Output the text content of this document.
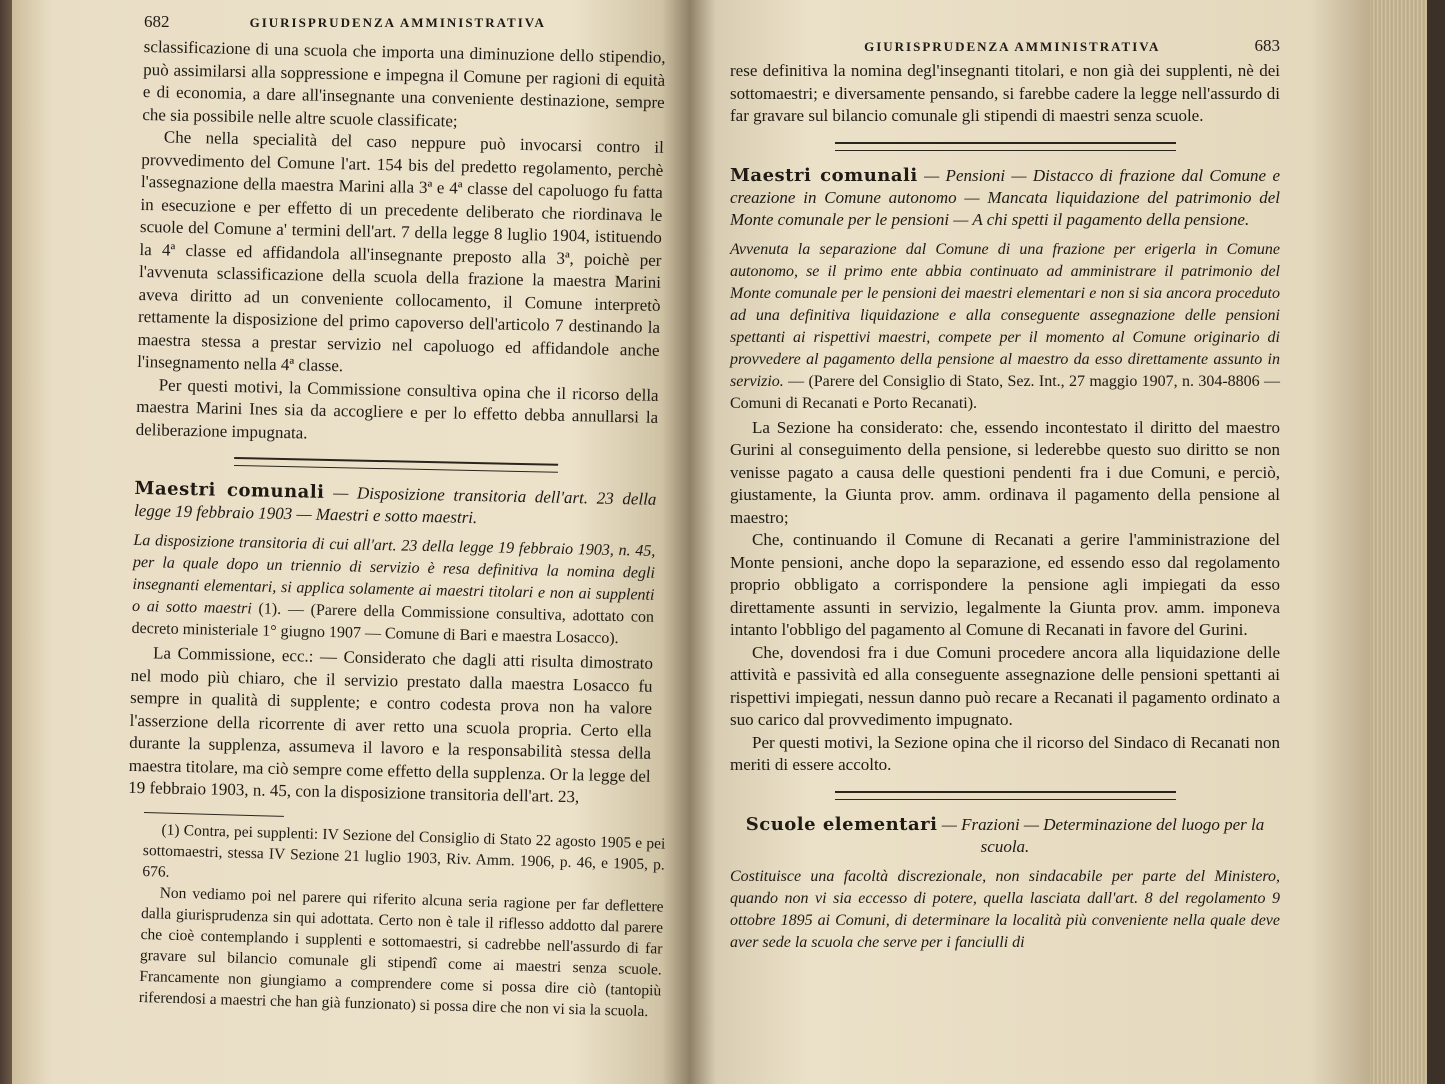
682	GIURISPRUDENZA AMMINISTRATIVA

sclassificazione di una scuola che importa una diminuzione dello stipendio, può assimilarsi alla soppressione e impegna il Comune per ragioni di equità e di economia, a dare all'insegnante una conveniente destinazione, sempre che sia possibile nelle altre scuole classificate;

Che nella specialità del caso neppure può invocarsi contro il provvedimento del Comune l'art. 154 bis del predetto regolamento, perchè l'assegnazione della maestra Marini alla 3ª e 4ª classe del capoluogo fu fatta in esecuzione e per effetto di un precedente deliberato che riordinava le scuole del Comune a' termini dell'art. 7 della legge 8 luglio 1904, istituendo la 4ª classe ed affidandola all'insegnante preposto alla 3ª, poichè per l'avvenuta sclassificazione della scuola della frazione la maestra Marini aveva diritto ad un conveniente collocamento, il Comune interpretò rettamente la disposizione del primo capoverso dell'articolo 7 destinando la maestra stessa a prestar servizio nel capoluogo ed affidandole anche l'insegnamento nella 4ª classe.

Per questi motivi, la Commissione consultiva opina che il ricorso della maestra Marini Ines sia da accogliere e per lo effetto debba annullarsi la deliberazione impugnata.

Maestri comunali — Disposizione transitoria dell'art. 23 della legge 19 febbraio 1903 — Maestri e sotto maestri.
La disposizione transitoria di cui all'art. 23 della legge 19 febbraio 1903, n. 45, per la quale dopo un triennio di servizio è resa definitiva la nomina degli insegnanti elementari, si applica solamente ai maestri titolari e non ai supplenti o ai sotto maestri (1). — (Parere della Commissione consultiva, adottato con decreto ministeriale 1° giugno 1907 — Comune di Bari e maestra Losacco).

La Commissione, ecc.: — Considerato che dagli atti risulta dimostrato nel modo più chiaro, che il servizio prestato dalla maestra Losacco fu sempre in qualità di supplente; e contro codesta prova non ha valore l'asserzione della ricorrente di aver retto una scuola propria. Certo ella durante la supplenza, assumeva il lavoro e la responsabilità stessa della maestra titolare, ma ciò sempre come effetto della supplenza. Or la legge del 19 febbraio 1903, n. 45, con la disposizione transitoria dell'art. 23,

(1) Contra, pei supplenti: IV Sezione del Consiglio di Stato 22 agosto 1905 e pei sottomaestri, stessa IV Sezione 21 luglio 1903, Riv. Amm. 1906, p. 46, e 1905, p. 676.

Non vediamo poi nel parere qui riferito alcuna seria ragione per far deflettere dalla giurisprudenza sin qui adottata. Certo non è tale il riflesso addotto dal parere che cioè contemplando i supplenti e sottomaestri, si cadrebbe nell'assurdo di far gravare sul bilancio comunale gli stipendî come ai maestri senza scuole. Francamente non giungiamo a comprendere come si possa dire ciò (tantopiù riferendosi a maestri che han già funzionato) si possa dire che non vi sia la scuola.

GIURISPRUDENZA AMMINISTRATIVA	683

rese definitiva la nomina degl'insegnanti titolari, e non già dei supplenti, nè dei sottomaestri; e diversamente pensando, si farebbe cadere la legge nell'assurdo di far gravare sul bilancio comunale gli stipendi di maestri senza scuole.

Maestri comunali — Pensioni — Distacco di frazione dal Comune e creazione in Comune autonomo — Mancata liquidazione del patrimonio del Monte comunale per le pensioni — A chi spetti il pagamento della pensione.
Avvenuta la separazione dal Comune di una frazione per erigerla in Comune autonomo, se il primo ente abbia continuato ad amministrare il patrimonio del Monte comunale per le pensioni dei maestri elementari e non si sia ancora proceduto ad una definitiva liquidazione e alla conseguente assegnazione delle pensioni spettanti ai rispettivi maestri, compete per il momento al Comune originario di provvedere al pagamento della pensione al maestro da esso direttamente assunto in servizio. — (Parere del Consiglio di Stato, Sez. Int., 27 maggio 1907, n. 304-8806 — Comuni di Recanati e Porto Recanati).

La Sezione ha considerato: che, essendo incontestato il diritto del maestro Gurini al conseguimento della pensione, si lederebbe questo suo diritto se non venisse pagato a causa delle questioni pendenti fra i due Comuni, e perciò, giustamente, la Giunta prov. amm. ordinava il pagamento della pensione al maestro;

Che, continuando il Comune di Recanati a gerire l'amministrazione del Monte pensioni, anche dopo la separazione, ed essendo esso dal regolamento proprio obbligato a corrispondere la pensione agli impiegati da esso direttamente assunti in servizio, legalmente la Giunta prov. amm. imponeva intanto l'obbligo del pagamento al Comune di Recanati in favore del Gurini.

Che, dovendosi fra i due Comuni procedere ancora alla liquidazione delle attività e passività ed alla conseguente assegnazione delle pensioni spettanti ai rispettivi impiegati, nessun danno può recare a Recanati il pagamento ordinato a suo carico dal provvedimento impugnato.

Per questi motivi, la Sezione opina che il ricorso del Sindaco di Recanati non meriti di essere accolto.

Scuole elementari — Frazioni — Determinazione del luogo per la scuola.
Costituisce una facoltà discrezionale, non sindacabile per parte del Ministero, quando non vi sia eccesso di potere, quella lasciata dall'art. 8 del regolamento 9 ottobre 1895 ai Comuni, di determinare la località più conveniente nella quale deve aver sede la scuola che serve per i fanciulli di
